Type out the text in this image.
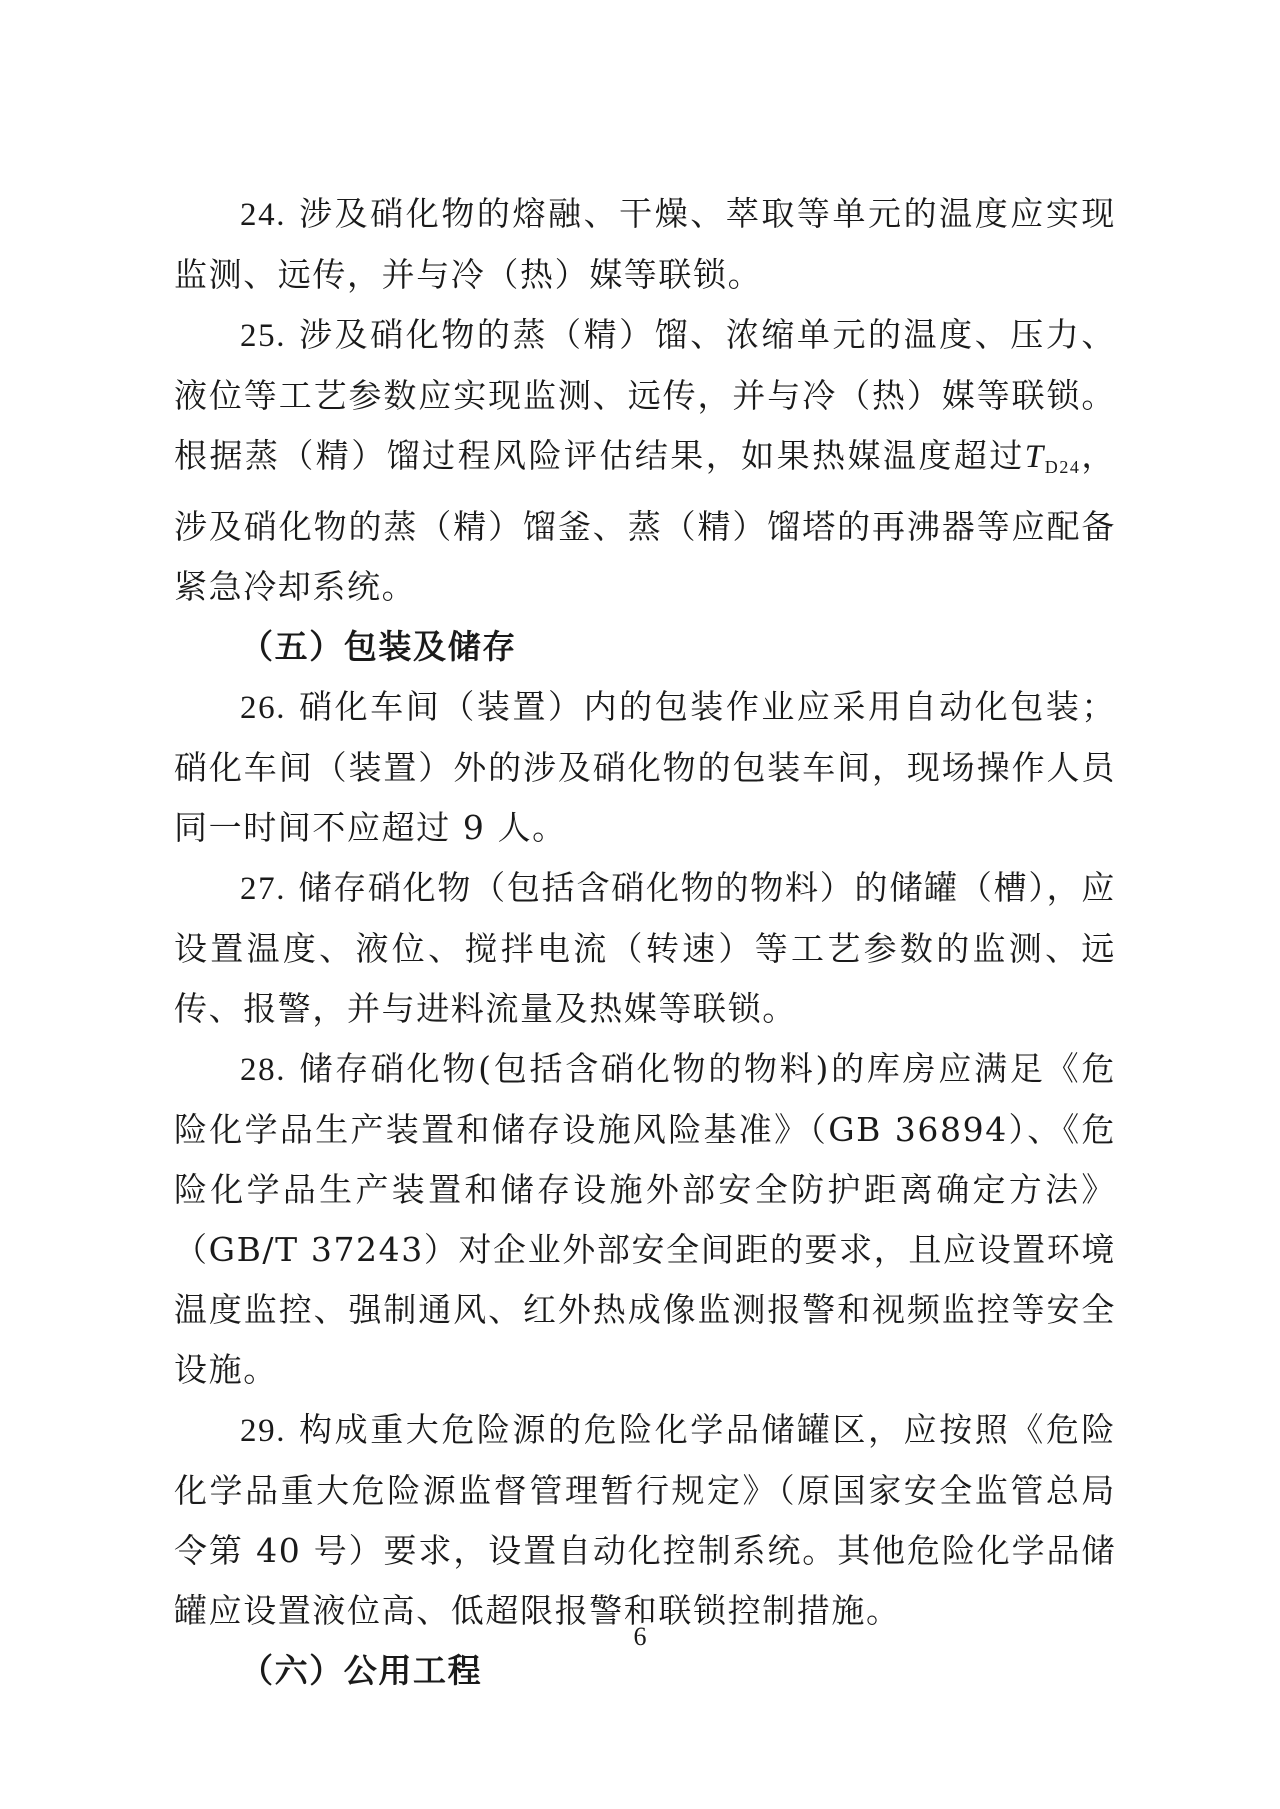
24. 涉及硝化物的熔融、干燥、萃取等单元的温度应实现监测、远传，并与冷（热）媒等联锁。

25. 涉及硝化物的蒸（精）馏、浓缩单元的温度、压力、液位等工艺参数应实现监测、远传，并与冷（热）媒等联锁。根据蒸（精）馏过程风险评估结果，如果热媒温度超过TD24，涉及硝化物的蒸（精）馏釜、蒸（精）馏塔的再沸器等应配备紧急冷却系统。

（五）包装及储存

26. 硝化车间（装置）内的包装作业应采用自动化包装；硝化车间（装置）外的涉及硝化物的包装车间，现场操作人员同一时间不应超过 9 人。

27. 储存硝化物（包括含硝化物的物料）的储罐（槽），应设置温度、液位、搅拌电流（转速）等工艺参数的监测、远传、报警，并与进料流量及热媒等联锁。

28. 储存硝化物(包括含硝化物的物料)的库房应满足《危险化学品生产装置和储存设施风险基准》（GB 36894）、《危险化学品生产装置和储存设施外部安全防护距离确定方法》（GB/T 37243）对企业外部安全间距的要求，且应设置环境温度监控、强制通风、红外热成像监测报警和视频监控等安全设施。

29. 构成重大危险源的危险化学品储罐区，应按照《危险化学品重大危险源监督管理暂行规定》（原国家安全监管总局令第 40 号）要求，设置自动化控制系统。其他危险化学品储罐应设置液位高、低超限报警和联锁控制措施。

（六）公用工程

6
